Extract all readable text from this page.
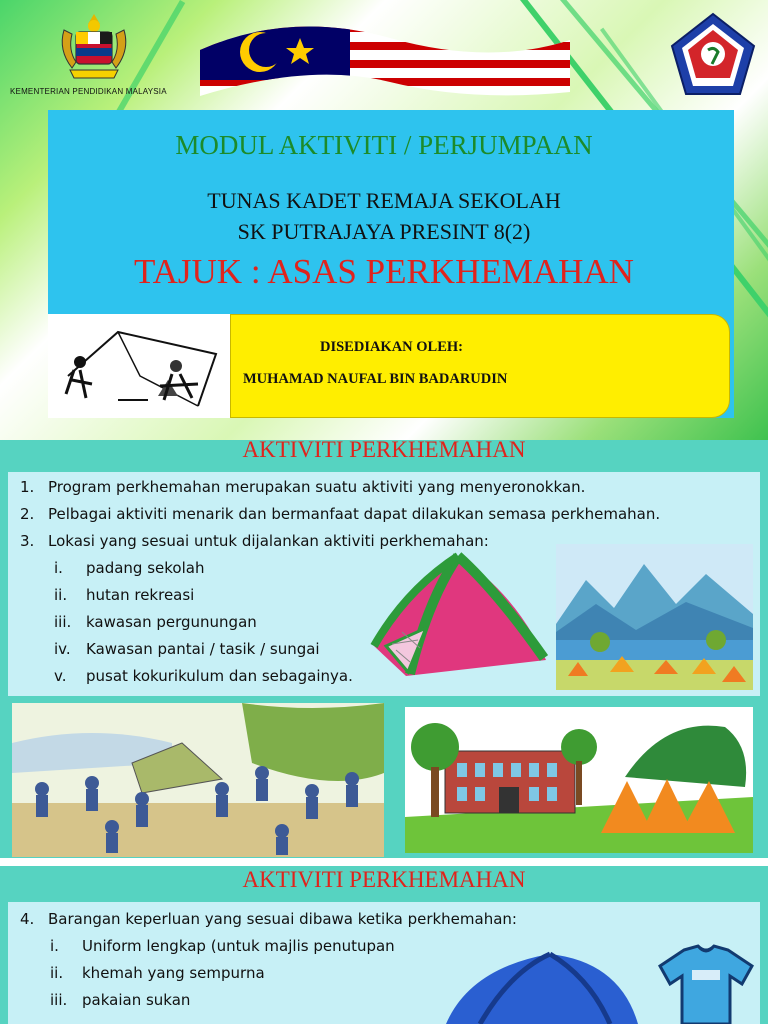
KEMENTERIAN PENDIDIKAN MALAYSIA
MODUL AKTIVITI / PERJUMPAAN
TUNAS KADET REMAJA SEKOLAH
SK PUTRAJAYA PRESINT 8(2)
TAJUK : ASAS PERKHEMAHAN
DISEDIAKAN OLEH:
MUHAMAD NAUFAL BIN BADARUDIN
AKTIVITI PERKHEMAHAN
1. Program perkhemahan merupakan suatu aktiviti yang menyeronokkan.
2. Pelbagai aktiviti menarik dan bermanfaat dapat dilakukan semasa perkhemahan.
3. Lokasi yang sesuai untuk dijalankan aktiviti perkhemahan:
i. padang sekolah
ii. hutan rekreasi
iii. kawasan pergunungan
iv. Kawasan pantai / tasik / sungai
v. pusat kokurikulum dan sebagainya.
AKTIVITI PERKHEMAHAN
4. Barangan keperluan yang sesuai dibawa ketika perkhemahan:
i. Uniform lengkap (untuk majlis penutupan
ii. khemah yang sempurna
iii. pakaian sukan
